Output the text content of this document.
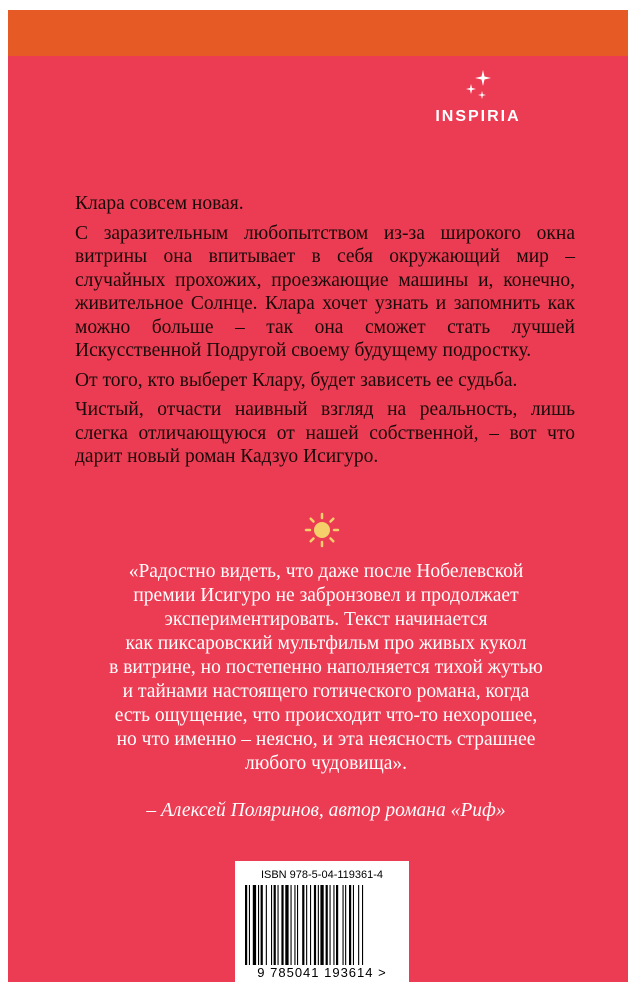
INSPIRIA

Клара совсем новая.

С заразительным любопытством из-за широкого окна витрины она впитывает в себя окружающий мир – случайных прохожих, проезжающие машины и, конечно, живительное Солнце. Клара хочет узнать и запомнить как можно больше – так она сможет стать лучшей Искусственной Подругой своему будущему подростку.

От того, кто выберет Клару, будет зависеть ее судьба.

Чистый, отчасти наивный взгляд на реальность, лишь слегка отличающуюся от нашей собственной, – вот что дарит новый роман Кадзуо Исигуро.

«Радостно видеть, что даже после Нобелевской
премии Исигуро не забронзовел и продолжает
экспериментировать. Текст начинается
как пиксаровский мультфильм про живых кукол
в витрине, но постепенно наполняется тихой жутью
и тайнами настоящего готического романа, когда
есть ощущение, что происходит что-то нехорошее,
но что именно – неясно, и эта неясность страшнее
любого чудовища».
– Алексей Поляринов, автор романа «Риф»
ISBN 978-5-04-119361-4
9 785041 193614 >
